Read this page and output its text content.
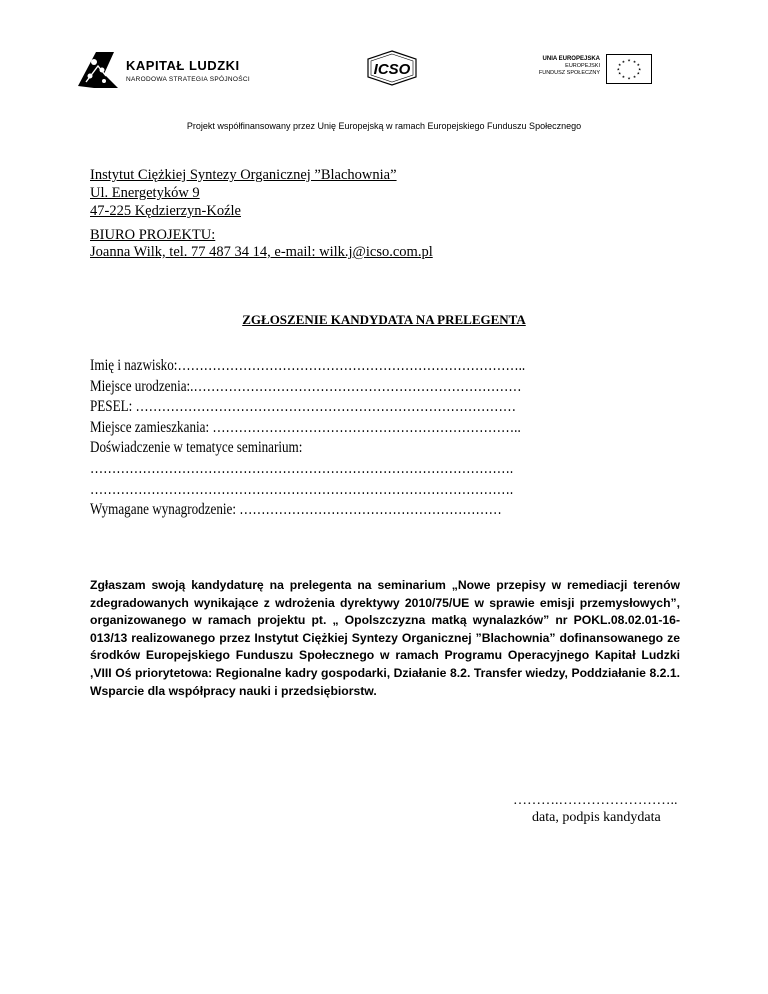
KAPITAŁ LUDZKI
NARODOWA STRATEGIA SPÓJNOŚCI
ICSO
UNIA EUROPEJSKA
EUROPEJSKI
FUNDUSZ SPOŁECZNY
★ ★
★
★
★
★
★
★
★
★
★
★
Projekt współfinansowany przez Unię Europejską w ramach Europejskiego Funduszu Społecznego
Instytut Ciężkiej Syntezy Organicznej ”Blachownia”
Ul. Energetyków 9
47-225 Kędzierzyn-Koźle
BIURO PROJEKTU:
Joanna Wilk, tel. 77 487 34 14, e-mail: wilk.j@icso.com.pl
ZGŁOSZENIE KANDYDATA NA PRELEGENTA
Imię i nazwisko:……………………………………………………………………..
Miejsce urodzenia:.…………………………………………………………………
PESEL: ……………………………………………………………………………
Miejsce zamieszkania: ……………………………………………………………..
Doświadczenie w tematyce seminarium:
…………………………………………………………………………………….
…………………………………………………………………………………….
Wymagane wynagrodzenie: ……………………………………………………
Zgłaszam swoją kandydaturę na prelegenta na seminarium „Nowe przepisy w remediacji terenów zdegradowanych wynikające z wdrożenia dyrektywy 2010/75/UE w sprawie emisji przemysłowych”, organizowanego w ramach projektu pt. „ Opolszczyzna matką wynalazków” nr POKL.08.02.01-16-013/13 realizowanego przez Instytut Ciężkiej Syntezy Organicznej ”Blachownia” dofinansowanego ze środków Europejskiego Funduszu Społecznego w ramach Programu Operacyjnego Kapitał Ludzki ,VIII Oś priorytetowa: Regionalne kadry gospodarki, Działanie 8.2. Transfer wiedzy, Poddziałanie 8.2.1. Wsparcie dla współpracy nauki i przedsiębiorstw.
……….……………………..
data, podpis kandydata
